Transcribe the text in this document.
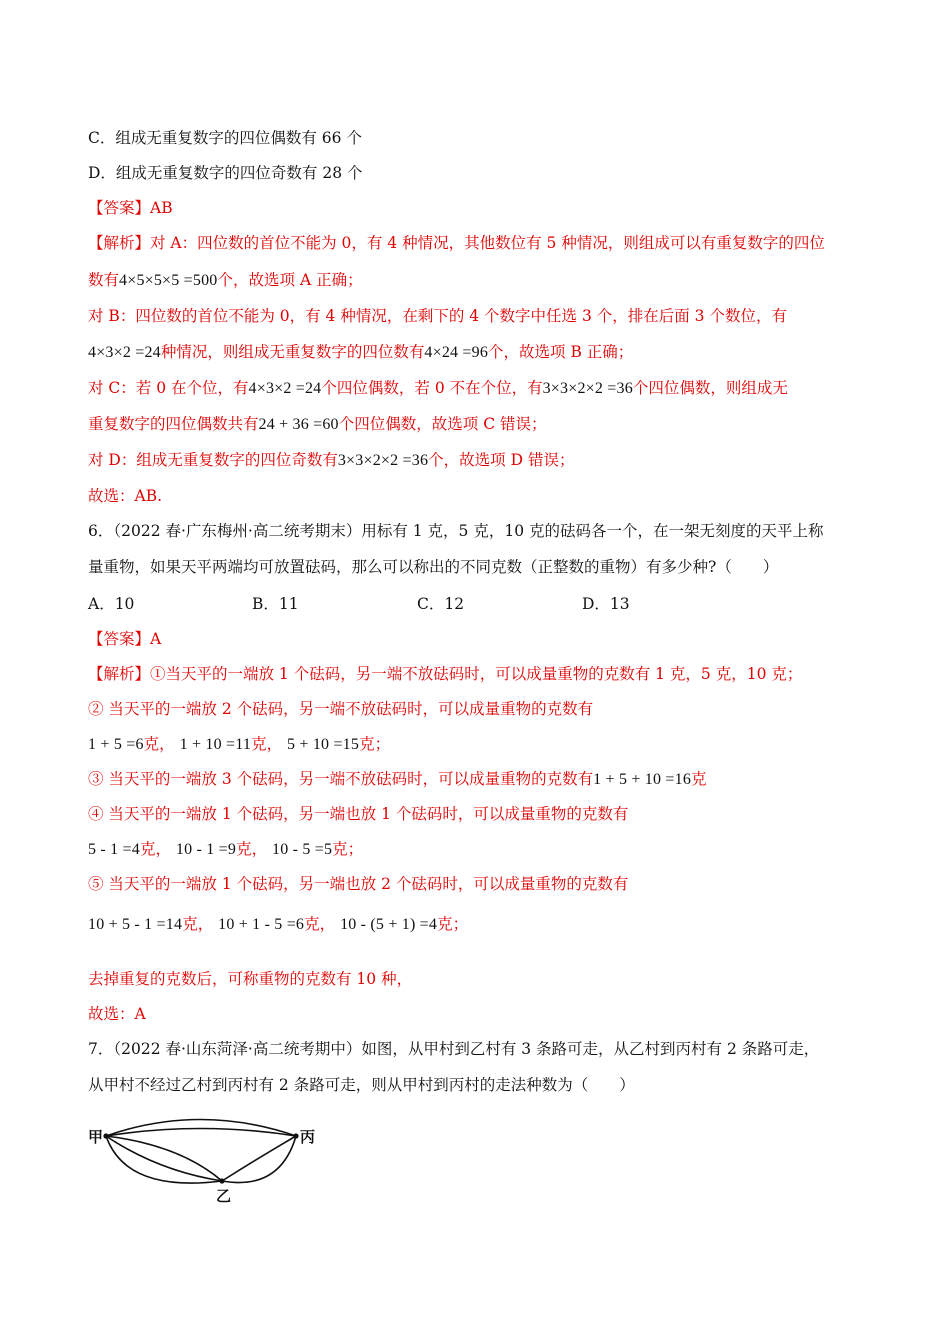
C．组成无重复数字的四位偶数有 66 个
D．组成无重复数字的四位奇数有 28 个
【答案】AB
【解析】对 A：四位数的首位不能为 0，有 4 种情况，其他数位有 5 种情况，则组成可以有重复数字的四位
数有4×5×5×5 =500个，故选项 A 正确；
对 B：四位数的首位不能为 0，有 4 种情况，在剩下的 4 个数字中任选 3 个，排在后面 3 个数位，有
4×3×2 =24种情况，则组成无重复数字的四位数有4×24 =96个，故选项 B 正确；
对 C：若 0 在个位，有4×3×2 =24个四位偶数，若 0 不在个位，有3×3×2×2 =36个四位偶数，则组成无
重复数字的四位偶数共有24 + 36 =60个四位偶数，故选项 C 错误；
对 D：组成无重复数字的四位奇数有3×3×2×2 =36个，故选项 D 错误；
故选：AB.
6．（2022 春·广东梅州·高二统考期末）用标有 1 克，5 克，10 克的砝码各一个，在一架无刻度的天平上称
量重物，如果天平两端均可放置砝码，那么可以称出的不同克数（正整数的重物）有多少种?（　　）
A．10	B．11	C．12	D．13
【答案】A
【解析】①当天平的一端放 1 个砝码，另一端不放砝码时，可以成量重物的克数有 1 克，5 克，10 克；
② 当天平的一端放 2 个砝码，另一端不放砝码时，可以成量重物的克数有
1 + 5 =6克， 1 + 10 =11克， 5 + 10 =15克；
③ 当天平的一端放 3 个砝码，另一端不放砝码时，可以成量重物的克数有1 + 5 + 10 =16克
④ 当天平的一端放 1 个砝码，另一端也放 1 个砝码时，可以成量重物的克数有
5 - 1 =4克， 10 - 1 =9克， 10 - 5 =5克；
⑤ 当天平的一端放 1 个砝码，另一端也放 2 个砝码时，可以成量重物的克数有
10 + 5 - 1 =14克， 10 + 1 - 5 =6克， 10 - (5 + 1) =4克；
去掉重复的克数后，可称重物的克数有 10 种，
故选：A
7．（2022 春·山东菏泽·高二统考期中）如图，从甲村到乙村有 3 条路可走，从乙村到丙村有 2 条路可走，
从甲村不经过乙村到丙村有 2 条路可走，则从甲村到丙村的走法种数为（　　）
甲	丙
乙
